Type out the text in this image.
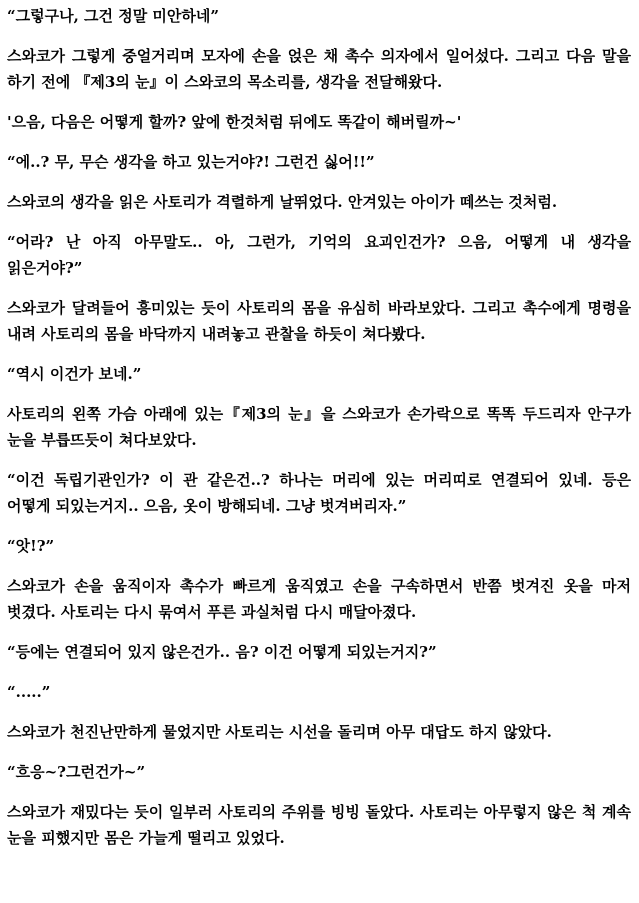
“그렇구나, 그건 정말 미안하네”

스와코가 그렇게 중얼거리며 모자에 손을 얹은 채 촉수 의자에서 일어섰다. 그리고 다음 말을 하기 전에 『제3의 눈』이 스와코의 목소리를, 생각을 전달해왔다.

'으음, 다음은 어떻게 할까? 앞에 한것처럼 뒤에도 똑같이 해버릴까~'

“에..? 무, 무슨 생각을 하고 있는거야?! 그런건 싫어!!”

스와코의 생각을 읽은 사토리가 격렬하게 날뛰었다. 안겨있는 아이가 떼쓰는 것처럼.

“어라? 난 아직 아무말도.. 아, 그런가, 기억의 요괴인건가? 으음, 어떻게 내 생각을 읽은거야?”

스와코가 달려들어 흥미있는 듯이 사토리의 몸을 유심히 바라보았다. 그리고 촉수에게 명령을 내려 사토리의 몸을 바닥까지 내려놓고 관찰을 하듯이 쳐다봤다.

“역시 이건가 보네.”

사토리의 왼쪽 가슴 아래에 있는『제3의 눈』을 스와코가 손가락으로 똑똑 두드리자 안구가 눈을 부릅뜨듯이 쳐다보았다.

“이건 독립기관인가? 이 관 같은건..? 하나는 머리에 있는 머리띠로 연결되어 있네. 등은 어떻게 되있는거지.. 으음, 옷이 방해되네. 그냥 벗겨버리자.”

“앗!?”

스와코가 손을 움직이자 촉수가 빠르게 움직였고 손을 구속하면서 반쯤 벗겨진 옷을 마저 벗겼다. 사토리는 다시 묶여서 푸른 과실처럼 다시 매달아졌다.

“등에는 연결되어 있지 않은건가.. 음? 이건 어떻게 되있는거지?”

“.....”

스와코가 천진난만하게 물었지만 사토리는 시선을 돌리며 아무 대답도 하지 않았다.

“흐응~?그런건가~”

스와코가 재밌다는 듯이 일부러 사토리의 주위를 빙빙 돌았다. 사토리는 아무렇지 않은 척 계속 눈을 피했지만 몸은 가늘게 떨리고 있었다.
